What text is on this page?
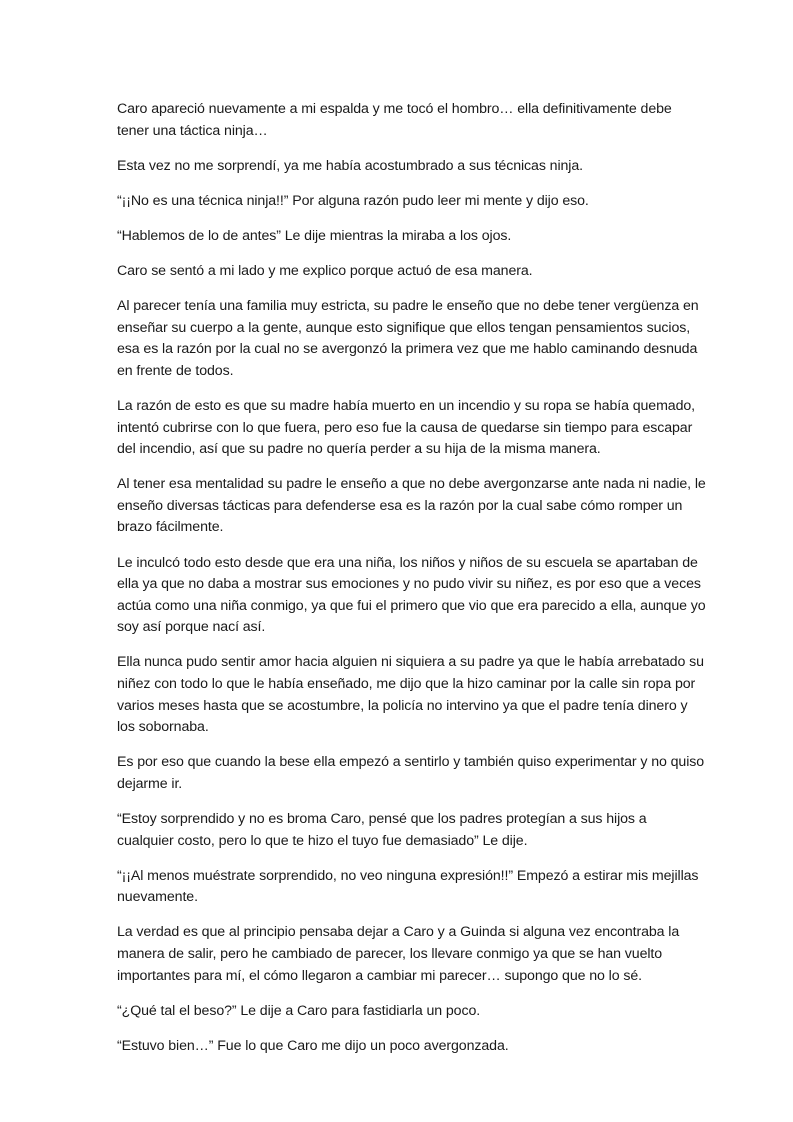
Caro apareció nuevamente a mi espalda y me tocó el hombro… ella definitivamente debe tener una táctica ninja…

Esta vez no me sorprendí, ya me había acostumbrado a sus técnicas ninja.

“¡¡No es una técnica ninja!!” Por alguna razón pudo leer mi mente y dijo eso.

“Hablemos de lo de antes” Le dije mientras la miraba a los ojos.

Caro se sentó a mi lado y me explico porque actuó de esa manera.

Al parecer tenía una familia muy estricta, su padre le enseño que no debe tener vergüenza en enseñar su cuerpo a la gente, aunque esto signifique que ellos tengan pensamientos sucios, esa es la razón por la cual no se avergonzó la primera vez que me hablo caminando desnuda en frente de todos.

La razón de esto es que su madre había muerto en un incendio y su ropa se había quemado, intentó cubrirse con lo que fuera, pero eso fue la causa de quedarse sin tiempo para escapar del incendio, así que su padre no quería perder a su hija de la misma manera.

Al tener esa mentalidad su padre le enseño a que no debe avergonzarse ante nada ni nadie, le enseño diversas tácticas para defenderse esa es la razón por la cual sabe cómo romper un brazo fácilmente.

Le inculcó todo esto desde que era una niña, los niños y niños de su escuela se apartaban de ella ya que no daba a mostrar sus emociones y no pudo vivir su niñez, es por eso que a veces actúa como una niña conmigo, ya que fui el primero que vio que era parecido a ella, aunque yo soy así porque nací así.

Ella nunca pudo sentir amor hacia alguien ni siquiera a su padre ya que le había arrebatado su niñez con todo lo que le había enseñado, me dijo que la hizo caminar por la calle sin ropa por varios meses hasta que se acostumbre, la policía no intervino ya que el padre tenía dinero y los sobornaba.

Es por eso que cuando la bese ella empezó a sentirlo y también quiso experimentar y no quiso dejarme ir.

“Estoy sorprendido y no es broma Caro, pensé que los padres protegían a sus hijos a cualquier costo, pero lo que te hizo el tuyo fue demasiado” Le dije.

“¡¡Al menos muéstrate sorprendido, no veo ninguna expresión!!” Empezó a estirar mis mejillas nuevamente.

La verdad es que al principio pensaba dejar a Caro y a Guinda si alguna vez encontraba la manera de salir, pero he cambiado de parecer, los llevare conmigo ya que se han vuelto importantes para mí, el cómo llegaron a cambiar mi parecer… supongo que no lo sé.

“¿Qué tal el beso?” Le dije a Caro para fastidiarla un poco.

“Estuvo bien…” Fue lo que Caro me dijo un poco avergonzada.
